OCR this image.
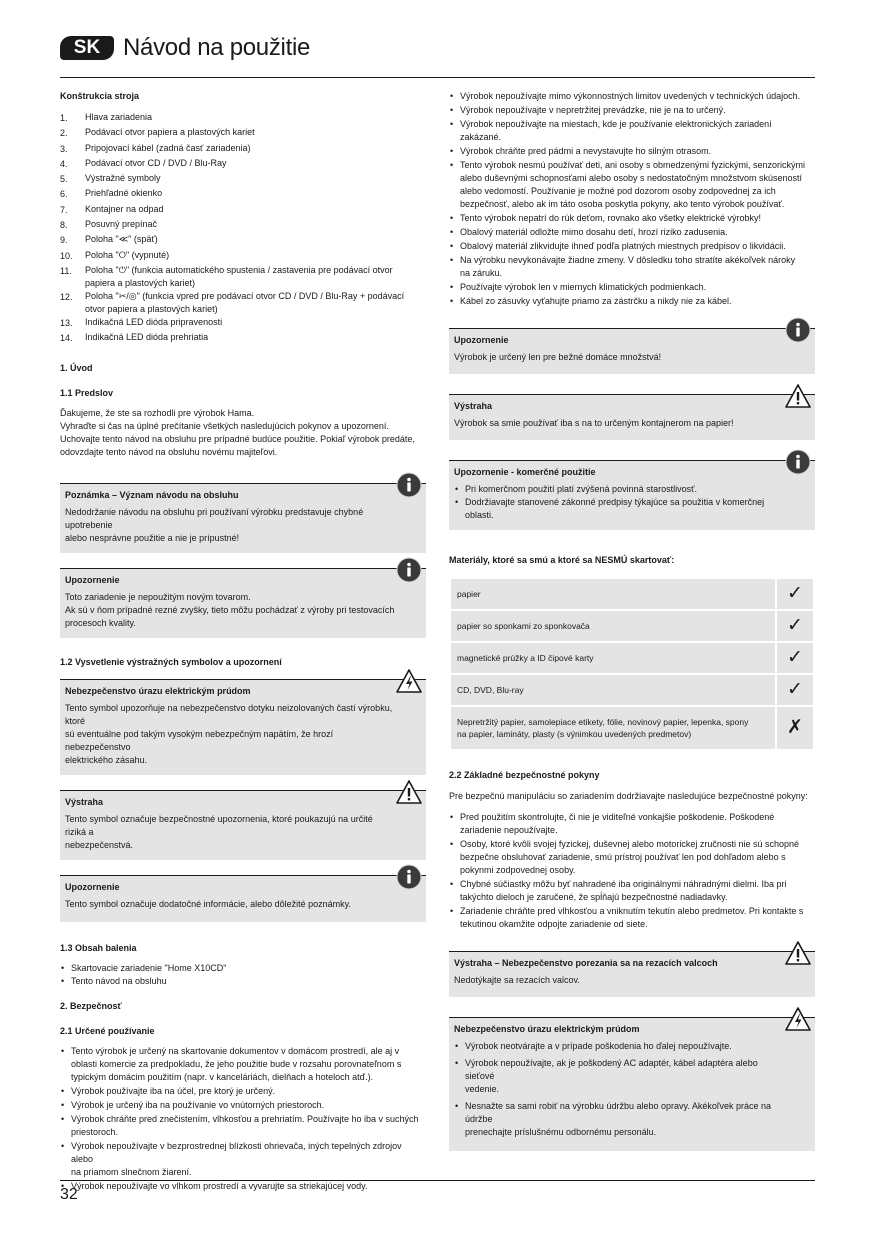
SK Návod na použitie
Konštrukcia stroja
1.	Hlava zariadenia
2.	Podávací otvor papiera a plastových kariet
3.	Pripojovací kábel (zadná časť zariadenia)
4.	Podávací otvor CD / DVD / Blu-Ray
5.	Výstražné symboly
6.	Priehľadné okienko
7.	Kontajner na odpad
8.	Posuvný prepínač
9.	Poloha "≪" (späť)
10.	Poloha "⭘" (vypnuté)
11.	Poloha "⏻" (funkcia automatického spustenia / zastavenia pre podávací otvor
papiera a plastových kariet)
12.	Poloha "✂/◎" (funkcia vpred pre podávací otvor CD / DVD / Blu-Ray + podávací
otvor papiera a plastových kariet)
13.	Indikačná LED dióda pripravenosti
14.	Indikačná LED dióda prehriatia
1. Úvod
1.1 Predslov

Ďakujeme, že ste sa rozhodli pre výrobok Hama.

Vyhraďte si čas na úplné prečítanie všetkých nasledujúcich pokynov a upozornení.

Uchovajte tento návod na obsluhu pre prípadné budúce použitie. Pokiaľ výrobok predáte,

odovzdajte tento návod na obsluhu novému majiteľovi.

Poznámka – Význam návodu na obsluhu

Nedodržanie návodu na obsluhu pri používaní výrobku predstavuje chybné upotrebenie

alebo nesprávne použitie a nie je prípustné!

Upozornenie

Toto zariadenie je nepoužitým novým tovarom.

Ak sú v ňom prípadné rezné zvyšky, tieto môžu pochádzať z výroby pri testovacích

procesoch kvality.

1.2 Vysvetlenie výstražných symbolov a upozornení
Nebezpečenstvo úrazu elektrickým prúdom

Tento symbol upozorňuje na nebezpečenstvo dotyku neizolovaných častí výrobku, ktoré

sú eventuálne pod takým vysokým nebezpečným napätím, že hrozí nebezpečenstvo

elektrického zásahu.

Výstraha

Tento symbol označuje bezpečnostné upozornenia, ktoré poukazujú na určité riziká a

nebezpečenstvá.

Upozornenie

Tento symbol označuje dodatočné informácie, alebo dôležité poznámky.

1.3 Obsah balenia
• Skartovacie zariadenie "Home X10CD"
• Tento návod na obsluhu
2. Bezpečnosť
2.1 Určené používanie
• Tento výrobok je určený na skartovanie dokumentov v domácom prostredí, ale aj v
oblasti komercie za predpokladu, že jeho použitie bude v rozsahu porovnateľnom s
typickým domácim použitím (napr. v kanceláriách, dielňach a hoteloch atď.).
• Výrobok používajte iba na účel, pre ktorý je určený.
• Výrobok je určený iba na používanie vo vnútorných priestoroch.
• Výrobok chráňte pred znečistením, vlhkosťou a prehriatím. Používajte ho iba v suchých
priestoroch.
• Výrobok nepoužívajte v bezprostrednej blízkosti ohrievača, iných tepelných zdrojov alebo
na priamom slnečnom žiarení.
• Výrobok nepoužívajte vo vlhkom prostredí a vyvarujte sa striekajúcej vody.
• Výrobok nepoužívajte mimo výkonnostných limitov uvedených v technických údajoch.
• Výrobok nepoužívajte v nepretržitej prevádzke, nie je na to určený.
• Výrobok nepoužívajte na miestach, kde je používanie elektronických zariadení
zakázané.
• Výrobok chráňte pred pádmi a nevystavujte ho silným otrasom.
• Tento výrobok nesmú používať deti, ani osoby s obmedzenými fyzickými, senzorickými
alebo duševnými schopnosťami alebo osoby s nedostatočným množstvom skúseností
alebo vedomostí. Používanie je možné pod dozorom osoby zodpovednej za ich
bezpečnosť, alebo ak im táto osoba poskytla pokyny, ako tento výrobok používať.
• Tento výrobok nepatrí do rúk deťom, rovnako ako všetky elektrické výrobky!
• Obalový materiál odložte mimo dosahu detí, hrozí riziko zadusenia.
• Obalový materiál zlikvidujte ihneď podľa platných miestnych predpisov o likvidácii.
• Na výrobku nevykonávajte žiadne zmeny. V dôsledku toho stratíte akékoľvek nároky
na záruku.
• Používajte výrobok len v miernych klimatických podmienkach.
• Kábel zo zásuvky vyťahujte priamo za zástrčku a nikdy nie za kábel.
Upozornenie

Výrobok je určený len pre bežné domáce množstvá!

Výstraha

Výrobok sa smie používať iba s na to určeným kontajnerom na papier!

Upozornenie - komerčné použitie
• Pri komerčnom použití platí zvýšená povinná starostlivosť.
• Dodržiavajte stanovené zákonné predpisy týkajúce sa použitia v komerčnej oblasti.
Materiály, ktoré sa smú a ktoré sa NESMÚ skartovať:
papier	✓

papier so sponkami zo sponkovača	✓

magnetické prúžky a ID čipové karty	✓

CD, DVD, Blu-ray	✓

Nepretržitý papier, samolepiace etikety, fólie, novinový papier, lepenka, spony
na papier, lamináty, plasty (s výnimkou uvedených predmetov)	✗
2.2 Základné bezpečnostné pokyny

Pre bezpečnú manipuláciu so zariadením dodržiavajte nasledujúce bezpečnostné pokyny:

• Pred použitím skontrolujte, či nie je viditeľné vonkajšie poškodenie. Poškodené
zariadenie nepoužívajte.
• Osoby, ktoré kvôli svojej fyzickej, duševnej alebo motorickej zručnosti nie sú schopné
bezpečne obsluhovať zariadenie, smú prístroj používať len pod dohľadom alebo s
pokynmi zodpovednej osoby.
• Chybné súčiastky môžu byť nahradené iba originálnymi náhradnými dielmi. Iba pri
takýchto dieloch je zaručené, že spĺňajú bezpečnostné nadiadavky.
• Zariadenie chráňte pred vlhkosťou a vniknutím tekutín alebo predmetov. Pri kontakte s
tekutinou okamžite odpojte zariadenie od siete.
Výstraha – Nebezpečenstvo porezania sa na rezacích valcoch

Nedotýkajte sa rezacích valcov.

Nebezpečenstvo úrazu elektrickým prúdom
• Výrobok neotvárajte a v prípade poškodenia ho ďalej nepoužívajte.
• Výrobok nepoužívajte, ak je poškodený AC adaptér, kábel adaptéra alebo sieťové
vedenie.
• Nesnažte sa sami robiť na výrobku údržbu alebo opravy. Akékoľvek práce na údržbe
prenechajte príslušnému odbornému personálu.
32
